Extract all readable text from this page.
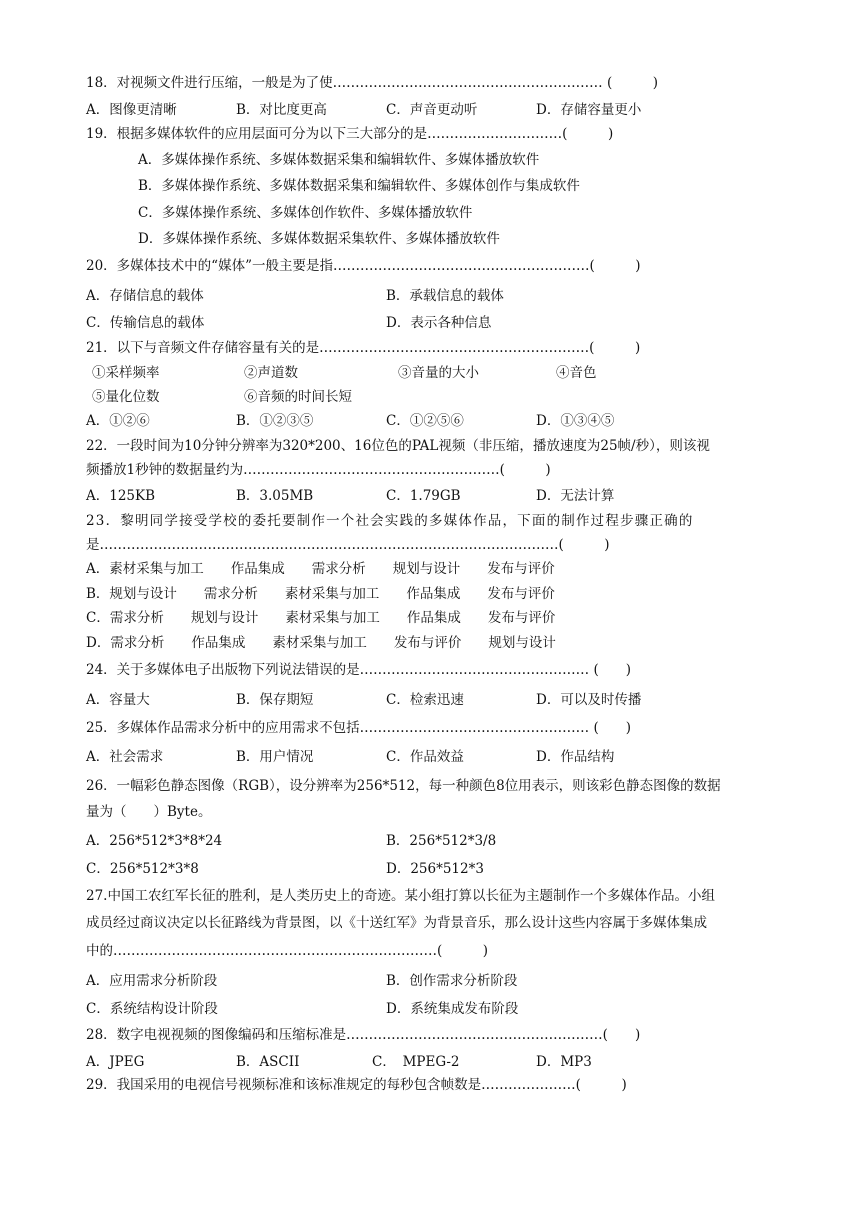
18．对视频文件进行压缩，一般是为了使…………………………………………………… (　　　)
A．图像更清晰	B．对比度更高	C．声音更动听	D．存储容量更小
19．根据多媒体软件的应用层面可分为以下三大部分的是…………………………(　　　)
A．多媒体操作系统、多媒体数据采集和编辑软件、多媒体播放软件
B．多媒体操作系统、多媒体数据采集和编辑软件、多媒体创作与集成软件
C．多媒体操作系统、多媒体创作软件、多媒体播放软件
D．多媒体操作系统、多媒体数据采集软件、多媒体播放软件
20．多媒体技术中的“媒体”一般主要是指…………………………………………………(　　　)
A．存储信息的载体	B．承载信息的载体
C．传输信息的载体	D．表示各种信息
21．以下与音频文件存储容量有关的是……………………………………………………(　　　)
①采样频率	②声道数	③音量的大小	④音色
⑤量化位数	⑥音频的时间长短
A．①②⑥	B．①②③⑤	C．①②⑤⑥	D．①③④⑤
22．一段时间为10分钟分辨率为320*200、16位色的PAL视频（非压缩，播放速度为25帧/秒），则该视
频播放1秒钟的数据量约为…………………………………………………(　　　)
A．125KB	B．3.05MB	C．1.79GB	D．无法计算
23．黎明同学接受学校的委托要制作一个社会实践的多媒体作品，下面的制作过程步骤正确的
是…………………………………………………………………………………………(　　　)
A．素材采集与加工　　作品集成　　需求分析　　规划与设计　　发布与评价
B．规划与设计　　需求分析　　素材采集与加工　　作品集成　　发布与评价
C．需求分析　　规划与设计　　素材采集与加工　　作品集成　　发布与评价
D．需求分析　　作品集成　　素材采集与加工　　发布与评价　　规划与设计
24．关于多媒体电子出版物下列说法错误的是…………………………………………… (　　)
A．容量大	B．保存期短	C．检索迅速	D．可以及时传播
25．多媒体作品需求分析中的应用需求不包括…………………………………………… (　　)
A．社会需求	B．用户情况	C．作品效益	D．作品结构
26．一幅彩色静态图像（RGB），设分辨率为256*512，每一种颜色8位用表示，则该彩色静态图像的数据
量为（　　）Byte。
A．256*512*3*8*24	B．256*512*3/8
C．256*512*3*8	D．256*512*3
27.中国工农红军长征的胜利，是人类历史上的奇迹。某小组打算以长征为主题制作一个多媒体作品。小组
成员经过商议决定以长征路线为背景图，以《十送红军》为背景音乐，那么设计这些内容属于多媒体集成
中的………………………………………………………………(　　　)
A．应用需求分析阶段	B．创作需求分析阶段
C．系统结构设计阶段	D．系统集成发布阶段
28．数字电视视频的图像编码和压缩标准是…………………………………………………(　　)
A．JPEG	B．ASCII	C．　MPEG-2	D．MP3
29．我国采用的电视信号视频标准和该标准规定的每秒包含帧数是…………………(　　　)
